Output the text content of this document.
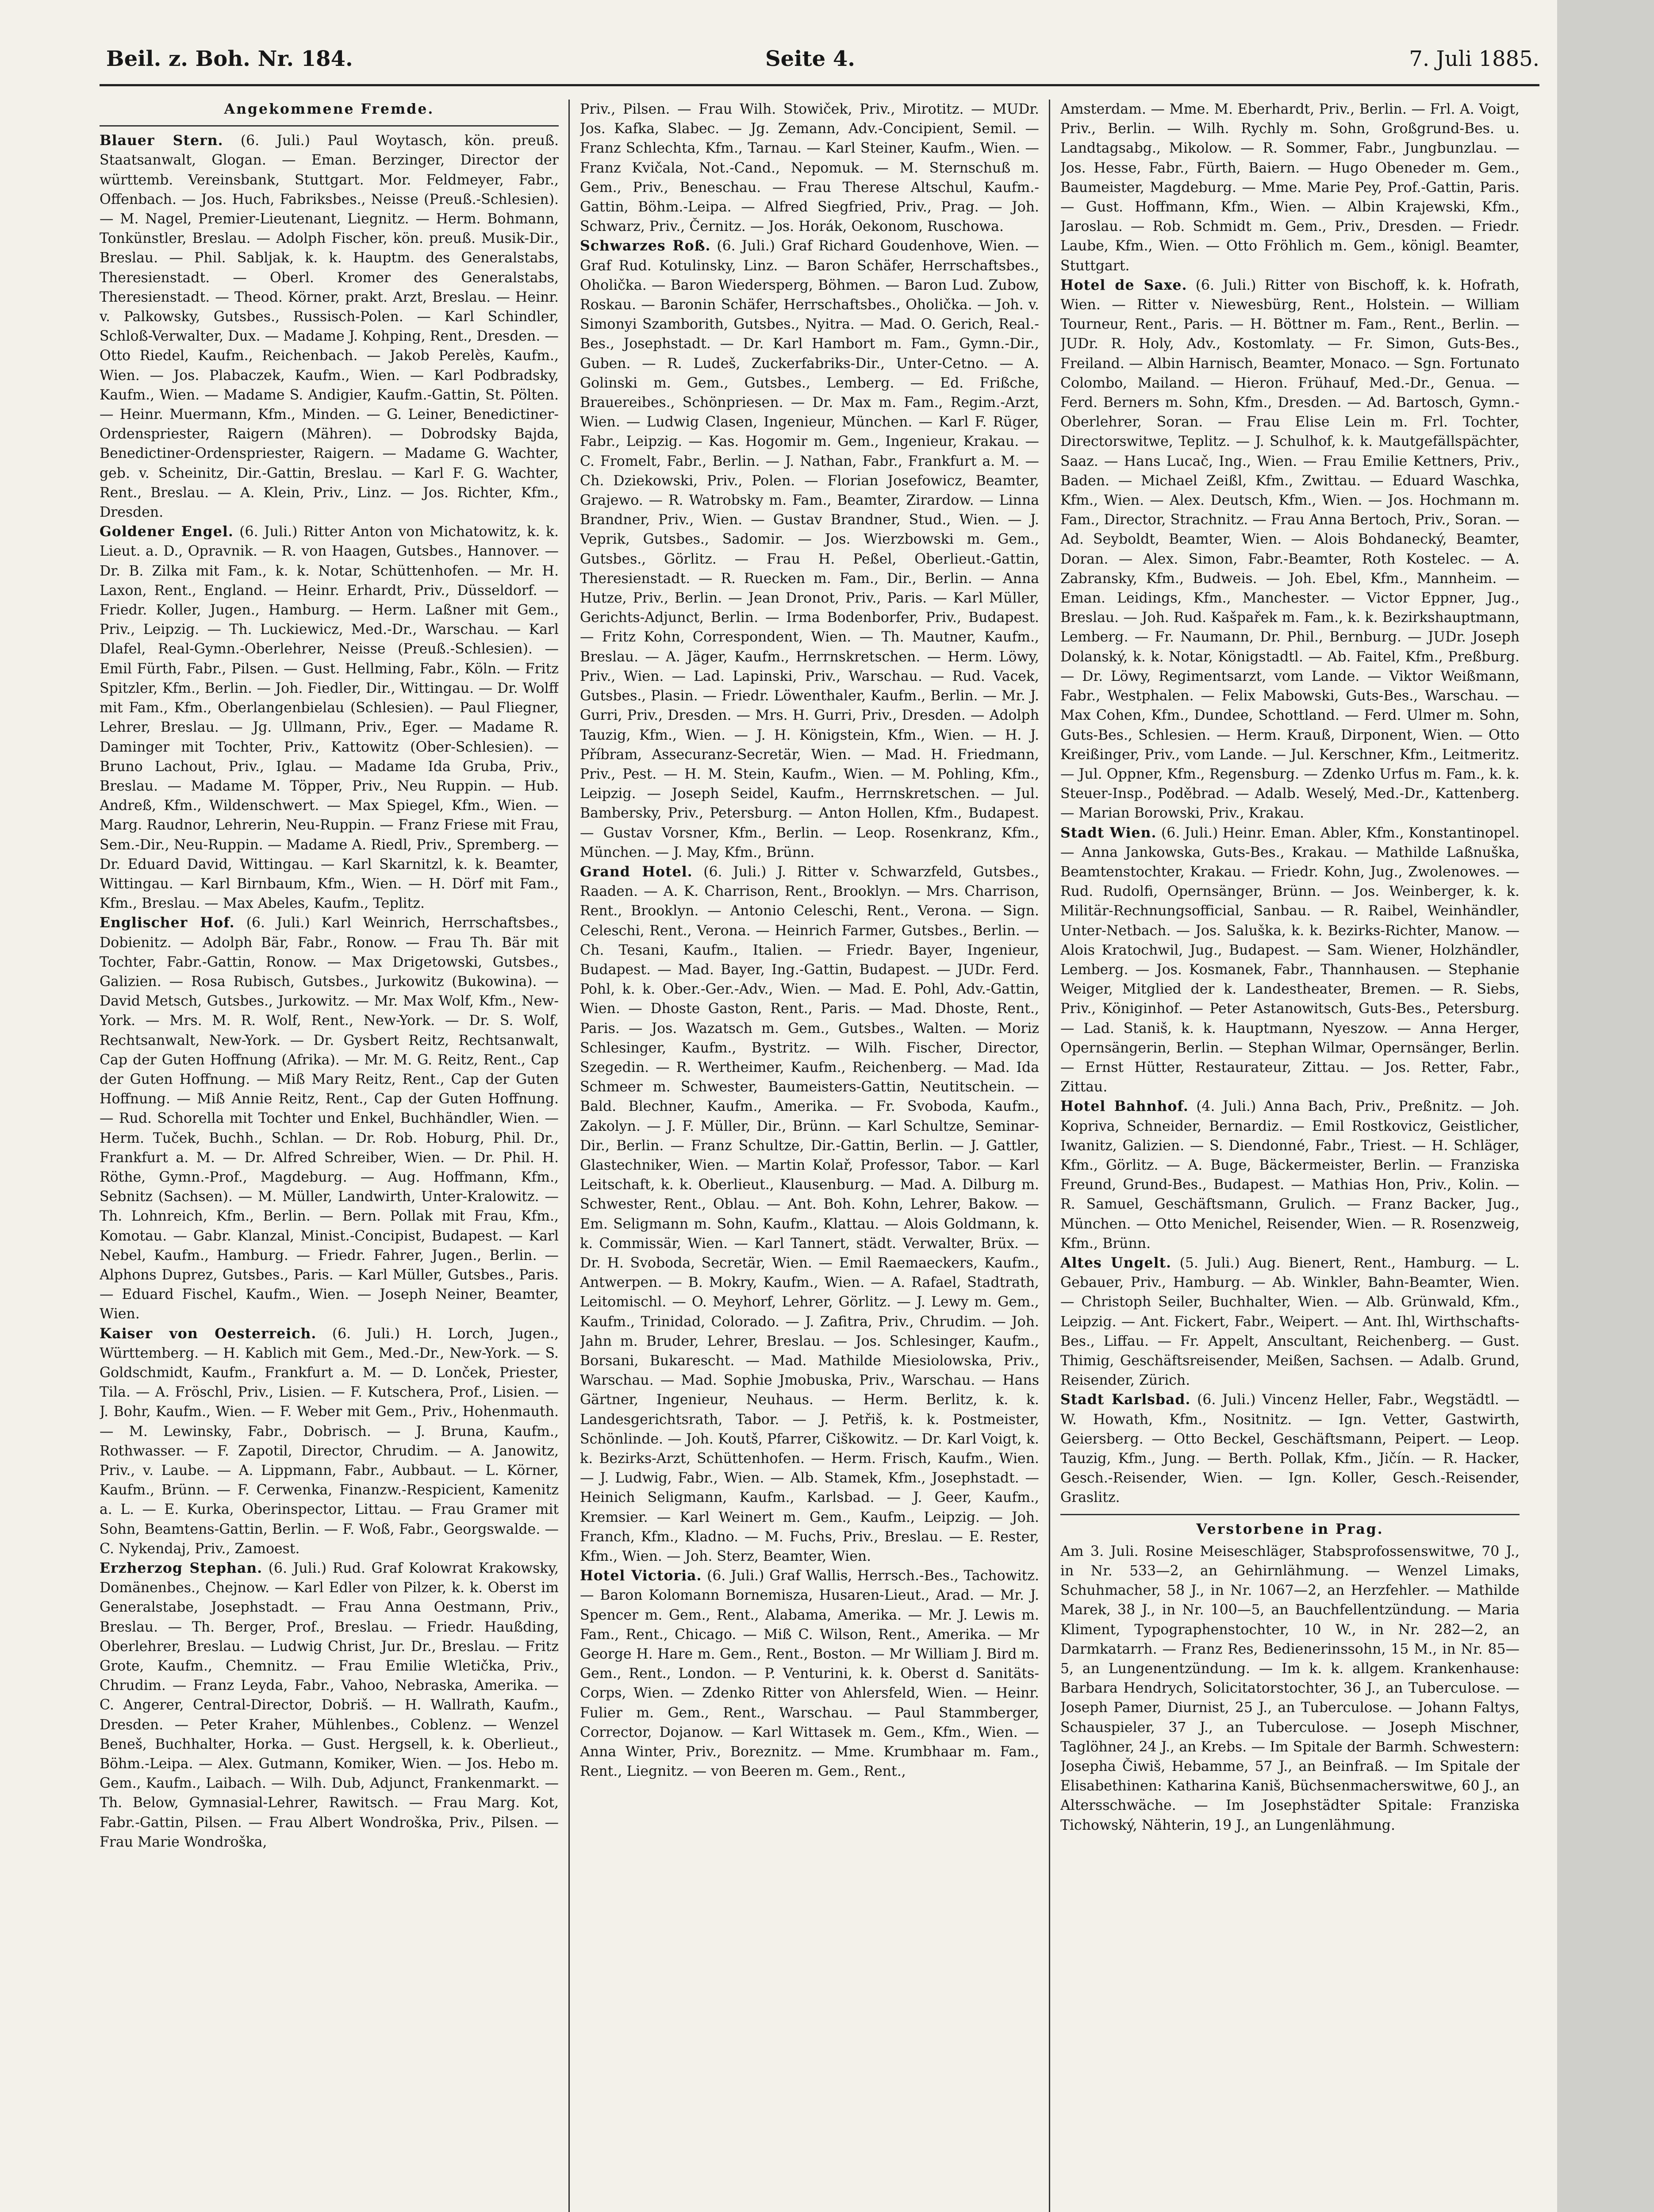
Beil. z. Boh. Nr. 184.	Seite 4.	7. Juli 1885.
Angekommene Fremde.

Blauer Stern. (6. Juli.) Paul Woytasch, kön. preuß. Staatsanwalt, Glogan. — Eman. Berzinger, Director der württemb. Vereinsbank, Stuttgart. Mor. Feldmeyer, Fabr., Offenbach. — Jos. Huch, Fabriksbes., Neisse (Preuß.-Schlesien). — M. Nagel, Premier-Lieutenant, Liegnitz. — Herm. Bohmann, Tonkünstler, Breslau. — Adolph Fischer, kön. preuß. Musik-Dir., Breslau. — Phil. Sabljak, k. k. Hauptm. des Generalstabs, Theresienstadt. — Oberl. Kromer des Generalstabs, Theresienstadt. — Theod. Körner, prakt. Arzt, Breslau. — Heinr. v. Palkowsky, Gutsbes., Russisch-Polen. — Karl Schindler, Schloß-Verwalter, Dux. — Madame J. Kohping, Rent., Dresden. — Otto Riedel, Kaufm., Reichenbach. — Jakob Perelès, Kaufm., Wien. — Jos. Plabaczek, Kaufm., Wien. — Karl Podbradsky, Kaufm., Wien. — Madame S. Andigier, Kaufm.-Gattin, St. Pölten. — Heinr. Muermann, Kfm., Minden. — G. Leiner, Benedictiner-Ordenspriester, Raigern (Mähren). — Dobrodsky Bajda, Benedictiner-Ordenspriester, Raigern. — Madame G. Wachter, geb. v. Scheinitz, Dir.-Gattin, Breslau. — Karl F. G. Wachter, Rent., Breslau. — A. Klein, Priv., Linz. — Jos. Richter, Kfm., Dresden.

Goldener Engel. (6. Juli.) Ritter Anton von Michatowitz, k. k. Lieut. a. D., Opravnik. — R. von Haagen, Gutsbes., Hannover. — Dr. B. Zilka mit Fam., k. k. Notar, Schüttenhofen. — Mr. H. Laxon, Rent., England. — Heinr. Erhardt, Priv., Düsseldorf. — Friedr. Koller, Jugen., Hamburg. — Herm. Laßner mit Gem., Priv., Leipzig. — Th. Luckiewicz, Med.-Dr., Warschau. — Karl Dlafel, Real-Gymn.-Oberlehrer, Neisse (Preuß.-Schlesien). — Emil Fürth, Fabr., Pilsen. — Gust. Hellming, Fabr., Köln. — Fritz Spitzler, Kfm., Berlin. — Joh. Fiedler, Dir., Wittingau. — Dr. Wolff mit Fam., Kfm., Oberlangenbielau (Schlesien). — Paul Fliegner, Lehrer, Breslau. — Jg. Ullmann, Priv., Eger. — Madame R. Daminger mit Tochter, Priv., Kattowitz (Ober-Schlesien). — Bruno Lachout, Priv., Iglau. — Madame Ida Gruba, Priv., Breslau. — Madame M. Töpper, Priv., Neu Ruppin. — Hub. Andreß, Kfm., Wildenschwert. — Max Spiegel, Kfm., Wien. — Marg. Raudnor, Lehrerin, Neu-Ruppin. — Franz Friese mit Frau, Sem.-Dir., Neu-Ruppin. — Madame A. Riedl, Priv., Spremberg. — Dr. Eduard David, Wittingau. — Karl Skarnitzl, k. k. Beamter, Wittingau. — Karl Birnbaum, Kfm., Wien. — H. Dörf mit Fam., Kfm., Breslau. — Max Abeles, Kaufm., Teplitz.

Englischer Hof. (6. Juli.) Karl Weinrich, Herrschaftsbes., Dobienitz. — Adolph Bär, Fabr., Ronow. — Frau Th. Bär mit Tochter, Fabr.-Gattin, Ronow. — Max Drigetowski, Gutsbes., Galizien. — Rosa Rubisch, Gutsbes., Jurkowitz (Bukowina). — David Metsch, Gutsbes., Jurkowitz. — Mr. Max Wolf, Kfm., New-York. — Mrs. M. R. Wolf, Rent., New-York. — Dr. S. Wolf, Rechtsanwalt, New-York. — Dr. Gysbert Reitz, Rechtsanwalt, Cap der Guten Hoffnung (Afrika). — Mr. M. G. Reitz, Rent., Cap der Guten Hoffnung. — Miß Mary Reitz, Rent., Cap der Guten Hoffnung. — Miß Annie Reitz, Rent., Cap der Guten Hoffnung. — Rud. Schorella mit Tochter und Enkel, Buchhändler, Wien. — Herm. Tuček, Buchh., Schlan. — Dr. Rob. Hoburg, Phil. Dr., Frankfurt a. M. — Dr. Alfred Schreiber, Wien. — Dr. Phil. H. Röthe, Gymn.-Prof., Magdeburg. — Aug. Hoffmann, Kfm., Sebnitz (Sachsen). — M. Müller, Landwirth, Unter-Kralowitz. — Th. Lohnreich, Kfm., Berlin. — Bern. Pollak mit Frau, Kfm., Komotau. — Gabr. Klanzal, Minist.-Concipist, Budapest. — Karl Nebel, Kaufm., Hamburg. — Friedr. Fahrer, Jugen., Berlin. — Alphons Duprez, Gutsbes., Paris. — Karl Müller, Gutsbes., Paris. — Eduard Fischel, Kaufm., Wien. — Joseph Neiner, Beamter, Wien.

Kaiser von Oesterreich. (6. Juli.) H. Lorch, Jugen., Württemberg. — H. Kablich mit Gem., Med.-Dr., New-York. — S. Goldschmidt, Kaufm., Frankfurt a. M. — D. Lonček, Priester, Tila. — A. Fröschl, Priv., Lisien. — F. Kutschera, Prof., Lisien. — J. Bohr, Kaufm., Wien. — F. Weber mit Gem., Priv., Hohenmauth. — M. Lewinsky, Fabr., Dobrisch. — J. Bruna, Kaufm., Rothwasser. — F. Zapotil, Director, Chrudim. — A. Janowitz, Priv., v. Laube. — A. Lippmann, Fabr., Aubbaut. — L. Körner, Kaufm., Brünn. — F. Cerwenka, Finanzw.-Respicient, Kamenitz a. L. — E. Kurka, Oberinspector, Littau. — Frau Gramer mit Sohn, Beamtens-Gattin, Berlin. — F. Woß, Fabr., Georgswalde. — C. Nykendaj, Priv., Zamoest.

Erzherzog Stephan. (6. Juli.) Rud. Graf Kolowrat Krakowsky, Domänenbes., Chejnow. — Karl Edler von Pilzer, k. k. Oberst im Generalstabe, Josephstadt. — Frau Anna Oestmann, Priv., Breslau. — Th. Berger, Prof., Breslau. — Friedr. Haußding, Oberlehrer, Breslau. — Ludwig Christ, Jur. Dr., Breslau. — Fritz Grote, Kaufm., Chemnitz. — Frau Emilie Wletička, Priv., Chrudim. — Franz Leyda, Fabr., Vahoo, Nebraska, Amerika. — C. Angerer, Central-Director, Dobriš. — H. Wallrath, Kaufm., Dresden. — Peter Kraher, Mühlenbes., Coblenz. — Wenzel Beneš, Buchhalter, Horka. — Gust. Hergsell, k. k. Oberlieut., Böhm.-Leipa. — Alex. Gutmann, Komiker, Wien. — Jos. Hebo m. Gem., Kaufm., Laibach. — Wilh. Dub, Adjunct, Frankenmarkt. — Th. Below, Gymnasial-Lehrer, Rawitsch. — Frau Marg. Kot, Fabr.-Gattin, Pilsen. — Frau Albert Wondroška, Priv., Pilsen. — Frau Marie Wondroška,

Priv., Pilsen. — Frau Wilh. Stowiček, Priv., Mirotitz. — MUDr. Jos. Kafka, Slabec. — Jg. Zemann, Adv.-Concipient, Semil. — Franz Schlechta, Kfm., Tarnau. — Karl Steiner, Kaufm., Wien. — Franz Kvičala, Not.-Cand., Nepomuk. — M. Sternschuß m. Gem., Priv., Beneschau. — Frau Therese Altschul, Kaufm.-Gattin, Böhm.-Leipa. — Alfred Siegfried, Priv., Prag. — Joh. Schwarz, Priv., Černitz. — Jos. Horák, Oekonom, Ruschowa.

Schwarzes Roß. (6. Juli.) Graf Richard Goudenhove, Wien. — Graf Rud. Kotulinsky, Linz. — Baron Schäfer, Herrschaftsbes., Oholička. — Baron Wiedersperg, Böhmen. — Baron Lud. Zubow, Roskau. — Baronin Schäfer, Herrschaftsbes., Oholička. — Joh. v. Simonyi Szamborith, Gutsbes., Nyitra. — Mad. O. Gerich, Real.-Bes., Josephstadt. — Dr. Karl Hambort m. Fam., Gymn.-Dir., Guben. — R. Ludeš, Zuckerfabriks-Dir., Unter-Cetno. — A. Golinski m. Gem., Gutsbes., Lemberg. — Ed. Frißche, Brauereibes., Schönpriesen. — Dr. Max m. Fam., Regim.-Arzt, Wien. — Ludwig Clasen, Ingenieur, München. — Karl F. Rüger, Fabr., Leipzig. — Kas. Hogomir m. Gem., Ingenieur, Krakau. — C. Fromelt, Fabr., Berlin. — J. Nathan, Fabr., Frankfurt a. M. — Ch. Dziekowski, Priv., Polen. — Florian Josefowicz, Beamter, Grajewo. — R. Watrobsky m. Fam., Beamter, Zirardow. — Linna Brandner, Priv., Wien. — Gustav Brandner, Stud., Wien. — J. Veprik, Gutsbes., Sadomir. — Jos. Wierzbowski m. Gem., Gutsbes., Görlitz. — Frau H. Peßel, Oberlieut.-Gattin, Theresienstadt. — R. Ruecken m. Fam., Dir., Berlin. — Anna Hutze, Priv., Berlin. — Jean Dronot, Priv., Paris. — Karl Müller, Gerichts-Adjunct, Berlin. — Irma Bodenborfer, Priv., Budapest. — Fritz Kohn, Correspondent, Wien. — Th. Mautner, Kaufm., Breslau. — A. Jäger, Kaufm., Herrnskretschen. — Herm. Löwy, Priv., Wien. — Lad. Lapinski, Priv., Warschau. — Rud. Vacek, Gutsbes., Plasin. — Friedr. Löwenthaler, Kaufm., Berlin. — Mr. J. Gurri, Priv., Dresden. — Mrs. H. Gurri, Priv., Dresden. — Adolph Tauzig, Kfm., Wien. — J. H. Königstein, Kfm., Wien. — H. J. Příbram, Assecuranz-Secretär, Wien. — Mad. H. Friedmann, Priv., Pest. — H. M. Stein, Kaufm., Wien. — M. Pohling, Kfm., Leipzig. — Joseph Seidel, Kaufm., Herrnskretschen. — Jul. Bambersky, Priv., Petersburg. — Anton Hollen, Kfm., Budapest. — Gustav Vorsner, Kfm., Berlin. — Leop. Rosenkranz, Kfm., München. — J. May, Kfm., Brünn.

Grand Hotel. (6. Juli.) J. Ritter v. Schwarzfeld, Gutsbes., Raaden. — A. K. Charrison, Rent., Brooklyn. — Mrs. Charrison, Rent., Brooklyn. — Antonio Celeschi, Rent., Verona. — Sign. Celeschi, Rent., Verona. — Heinrich Farmer, Gutsbes., Berlin. — Ch. Tesani, Kaufm., Italien. — Friedr. Bayer, Ingenieur, Budapest. — Mad. Bayer, Ing.-Gattin, Budapest. — JUDr. Ferd. Pohl, k. k. Ober.-Ger.-Adv., Wien. — Mad. E. Pohl, Adv.-Gattin, Wien. — Dhoste Gaston, Rent., Paris. — Mad. Dhoste, Rent., Paris. — Jos. Wazatsch m. Gem., Gutsbes., Walten. — Moriz Schlesinger, Kaufm., Bystritz. — Wilh. Fischer, Director, Szegedin. — R. Wertheimer, Kaufm., Reichenberg. — Mad. Ida Schmeer m. Schwester, Baumeisters-Gattin, Neutitschein. — Bald. Blechner, Kaufm., Amerika. — Fr. Svoboda, Kaufm., Zakolyn. — J. F. Müller, Dir., Brünn. — Karl Schultze, Seminar-Dir., Berlin. — Franz Schultze, Dir.-Gattin, Berlin. — J. Gattler, Glastechniker, Wien. — Martin Kolař, Professor, Tabor. — Karl Leitschaft, k. k. Oberlieut., Klausenburg. — Mad. A. Dilburg m. Schwester, Rent., Oblau. — Ant. Boh. Kohn, Lehrer, Bakow. — Em. Seligmann m. Sohn, Kaufm., Klattau. — Alois Goldmann, k. k. Commissär, Wien. — Karl Tannert, städt. Verwalter, Brüx. — Dr. H. Svoboda, Secretär, Wien. — Emil Raemaeckers, Kaufm., Antwerpen. — B. Mokry, Kaufm., Wien. — A. Rafael, Stadtrath, Leitomischl. — O. Meyhorf, Lehrer, Görlitz. — J. Lewy m. Gem., Kaufm., Trinidad, Colorado. — J. Zafitra, Priv., Chrudim. — Joh. Jahn m. Bruder, Lehrer, Breslau. — Jos. Schlesinger, Kaufm., Borsani, Bukarescht. — Mad. Mathilde Miesiolowska, Priv., Warschau. — Mad. Sophie Jmobuska, Priv., Warschau. — Hans Gärtner, Ingenieur, Neuhaus. — Herm. Berlitz, k. k. Landesgerichtsrath, Tabor. — J. Petřiš, k. k. Postmeister, Schönlinde. — Joh. Koutš, Pfarrer, Ciškowitz. — Dr. Karl Voigt, k. k. Bezirks-Arzt, Schüttenhofen. — Herm. Frisch, Kaufm., Wien. — J. Ludwig, Fabr., Wien. — Alb. Stamek, Kfm., Josephstadt. — Heinich Seligmann, Kaufm., Karlsbad. — J. Geer, Kaufm., Kremsier. — Karl Weinert m. Gem., Kaufm., Leipzig. — Joh. Franch, Kfm., Kladno. — M. Fuchs, Priv., Breslau. — E. Rester, Kfm., Wien. — Joh. Sterz, Beamter, Wien.

Hotel Victoria. (6. Juli.) Graf Wallis, Herrsch.-Bes., Tachowitz. — Baron Kolomann Bornemisza, Husaren-Lieut., Arad. — Mr. J. Spencer m. Gem., Rent., Alabama, Amerika. — Mr. J. Lewis m. Fam., Rent., Chicago. — Miß C. Wilson, Rent., Amerika. — Mr George H. Hare m. Gem., Rent., Boston. — Mr William J. Bird m. Gem., Rent., London. — P. Venturini, k. k. Oberst d. Sanitäts-Corps, Wien. — Zdenko Ritter von Ahlersfeld, Wien. — Heinr. Fulier m. Gem., Rent., Warschau. — Paul Stammberger, Corrector, Dojanow. — Karl Wittasek m. Gem., Kfm., Wien. — Anna Winter, Priv., Boreznitz. — Mme. Krumbhaar m. Fam., Rent., Liegnitz. — von Beeren m. Gem., Rent.,

Amsterdam. — Mme. M. Eberhardt, Priv., Berlin. — Frl. A. Voigt, Priv., Berlin. — Wilh. Rychly m. Sohn, Großgrund-Bes. u. Landtagsabg., Mikolow. — R. Sommer, Fabr., Jungbunzlau. — Jos. Hesse, Fabr., Fürth, Baiern. — Hugo Obeneder m. Gem., Baumeister, Magdeburg. — Mme. Marie Pey, Prof.-Gattin, Paris. — Gust. Hoffmann, Kfm., Wien. — Albin Krajewski, Kfm., Jaroslau. — Rob. Schmidt m. Gem., Priv., Dresden. — Friedr. Laube, Kfm., Wien. — Otto Fröhlich m. Gem., königl. Beamter, Stuttgart.

Hotel de Saxe. (6. Juli.) Ritter von Bischoff, k. k. Hofrath, Wien. — Ritter v. Niewesbürg, Rent., Holstein. — William Tourneur, Rent., Paris. — H. Böttner m. Fam., Rent., Berlin. — JUDr. R. Holy, Adv., Kostomlaty. — Fr. Simon, Guts-Bes., Freiland. — Albin Harnisch, Beamter, Monaco. — Sgn. Fortunato Colombo, Mailand. — Hieron. Frühauf, Med.-Dr., Genua. — Ferd. Berners m. Sohn, Kfm., Dresden. — Ad. Bartosch, Gymn.-Oberlehrer, Soran. — Frau Elise Lein m. Frl. Tochter, Directorswitwe, Teplitz. — J. Schulhof, k. k. Mautgefällspächter, Saaz. — Hans Lucač, Ing., Wien. — Frau Emilie Kettners, Priv., Baden. — Michael Zeißl, Kfm., Zwittau. — Eduard Waschka, Kfm., Wien. — Alex. Deutsch, Kfm., Wien. — Jos. Hochmann m. Fam., Director, Strachnitz. — Frau Anna Bertoch, Priv., Soran. — Ad. Seyboldt, Beamter, Wien. — Alois Bohdanecký, Beamter, Doran. — Alex. Simon, Fabr.-Beamter, Roth Kostelec. — A. Zabransky, Kfm., Budweis. — Joh. Ebel, Kfm., Mannheim. — Eman. Leidings, Kfm., Manchester. — Victor Eppner, Jug., Breslau. — Joh. Rud. Kašpařek m. Fam., k. k. Bezirkshauptmann, Lemberg. — Fr. Naumann, Dr. Phil., Bernburg. — JUDr. Joseph Dolanský, k. k. Notar, Königstadtl. — Ab. Faitel, Kfm., Preßburg. — Dr. Löwy, Regimentsarzt, vom Lande. — Viktor Weißmann, Fabr., Westphalen. — Felix Mabowski, Guts-Bes., Warschau. — Max Cohen, Kfm., Dundee, Schottland. — Ferd. Ulmer m. Sohn, Guts-Bes., Schlesien. — Herm. Krauß, Dirponent, Wien. — Otto Kreißinger, Priv., vom Lande. — Jul. Kerschner, Kfm., Leitmeritz. — Jul. Oppner, Kfm., Regensburg. — Zdenko Urfus m. Fam., k. k. Steuer-Insp., Poděbrad. — Adalb. Weselý, Med.-Dr., Kattenberg. — Marian Borowski, Priv., Krakau.

Stadt Wien. (6. Juli.) Heinr. Eman. Abler, Kfm., Konstantinopel. — Anna Jankowska, Guts-Bes., Krakau. — Mathilde Laßnuška, Beamtenstochter, Krakau. — Friedr. Kohn, Jug., Zwolenowes. — Rud. Rudolfi, Opernsänger, Brünn. — Jos. Weinberger, k. k. Militär-Rechnungsofficial, Sanbau. — R. Raibel, Weinhändler, Unter-Netbach. — Jos. Saluška, k. k. Bezirks-Richter, Manow. — Alois Kratochwil, Jug., Budapest. — Sam. Wiener, Holzhändler, Lemberg. — Jos. Kosmanek, Fabr., Thannhausen. — Stephanie Weiger, Mitglied der k. Landestheater, Bremen. — R. Siebs, Priv., Königinhof. — Peter Astanowitsch, Guts-Bes., Petersburg. — Lad. Staniš, k. k. Hauptmann, Nyeszow. — Anna Herger, Opernsängerin, Berlin. — Stephan Wilmar, Opernsänger, Berlin. — Ernst Hütter, Restaurateur, Zittau. — Jos. Retter, Fabr., Zittau.

Hotel Bahnhof. (4. Juli.) Anna Bach, Priv., Preßnitz. — Joh. Kopriva, Schneider, Bernardiz. — Emil Rostkovicz, Geistlicher, Iwanitz, Galizien. — S. Diendonné, Fabr., Triest. — H. Schläger, Kfm., Görlitz. — A. Buge, Bäckermeister, Berlin. — Franziska Freund, Grund-Bes., Budapest. — Mathias Hon, Priv., Kolin. — R. Samuel, Geschäftsmann, Grulich. — Franz Backer, Jug., München. — Otto Menichel, Reisender, Wien. — R. Rosenzweig, Kfm., Brünn.

Altes Ungelt. (5. Juli.) Aug. Bienert, Rent., Hamburg. — L. Gebauer, Priv., Hamburg. — Ab. Winkler, Bahn-Beamter, Wien. — Christoph Seiler, Buchhalter, Wien. — Alb. Grünwald, Kfm., Leipzig. — Ant. Fickert, Fabr., Weipert. — Ant. Ihl, Wirthschafts-Bes., Liffau. — Fr. Appelt, Anscultant, Reichenberg. — Gust. Thimig, Geschäftsreisender, Meißen, Sachsen. — Adalb. Grund, Reisender, Zürich.

Stadt Karlsbad. (6. Juli.) Vincenz Heller, Fabr., Wegstädtl. — W. Howath, Kfm., Nositnitz. — Ign. Vetter, Gastwirth, Geiersberg. — Otto Beckel, Geschäftsmann, Peipert. — Leop. Tauzig, Kfm., Jung. — Berth. Pollak, Kfm., Jičín. — R. Hacker, Gesch.-Reisender, Wien. — Ign. Koller, Gesch.-Reisender, Graslitz.

Verstorbene in Prag.

Am 3. Juli. Rosine Meiseschläger, Stabsprofossenswitwe, 70 J., in Nr. 533—2, an Gehirnlähmung. — Wenzel Limaks, Schuhmacher, 58 J., in Nr. 1067—2, an Herzfehler. — Mathilde Marek, 38 J., in Nr. 100—5, an Bauchfellentzündung. — Maria Kliment, Typographenstochter, 10 W., in Nr. 282—2, an Darmkatarrh. — Franz Res, Bedienerinssohn, 15 M., in Nr. 85—5, an Lungenentzündung. — Im k. k. allgem. Krankenhause: Barbara Hendrych, Solicitatorstochter, 36 J., an Tuberculose. — Joseph Pamer, Diurnist, 25 J., an Tuberculose. — Johann Faltys, Schauspieler, 37 J., an Tuberculose. — Joseph Mischner, Taglöhner, 24 J., an Krebs. — Im Spitale der Barmh. Schwestern: Josepha Čiwiš, Hebamme, 57 J., an Beinfraß. — Im Spitale der Elisabethinen: Katharina Kaniš, Büchsenmacherswitwe, 60 J., an Altersschwäche. — Im Josephstädter Spitale: Franziska Tichowský, Nähterin, 19 J., an Lungenlähmung.
